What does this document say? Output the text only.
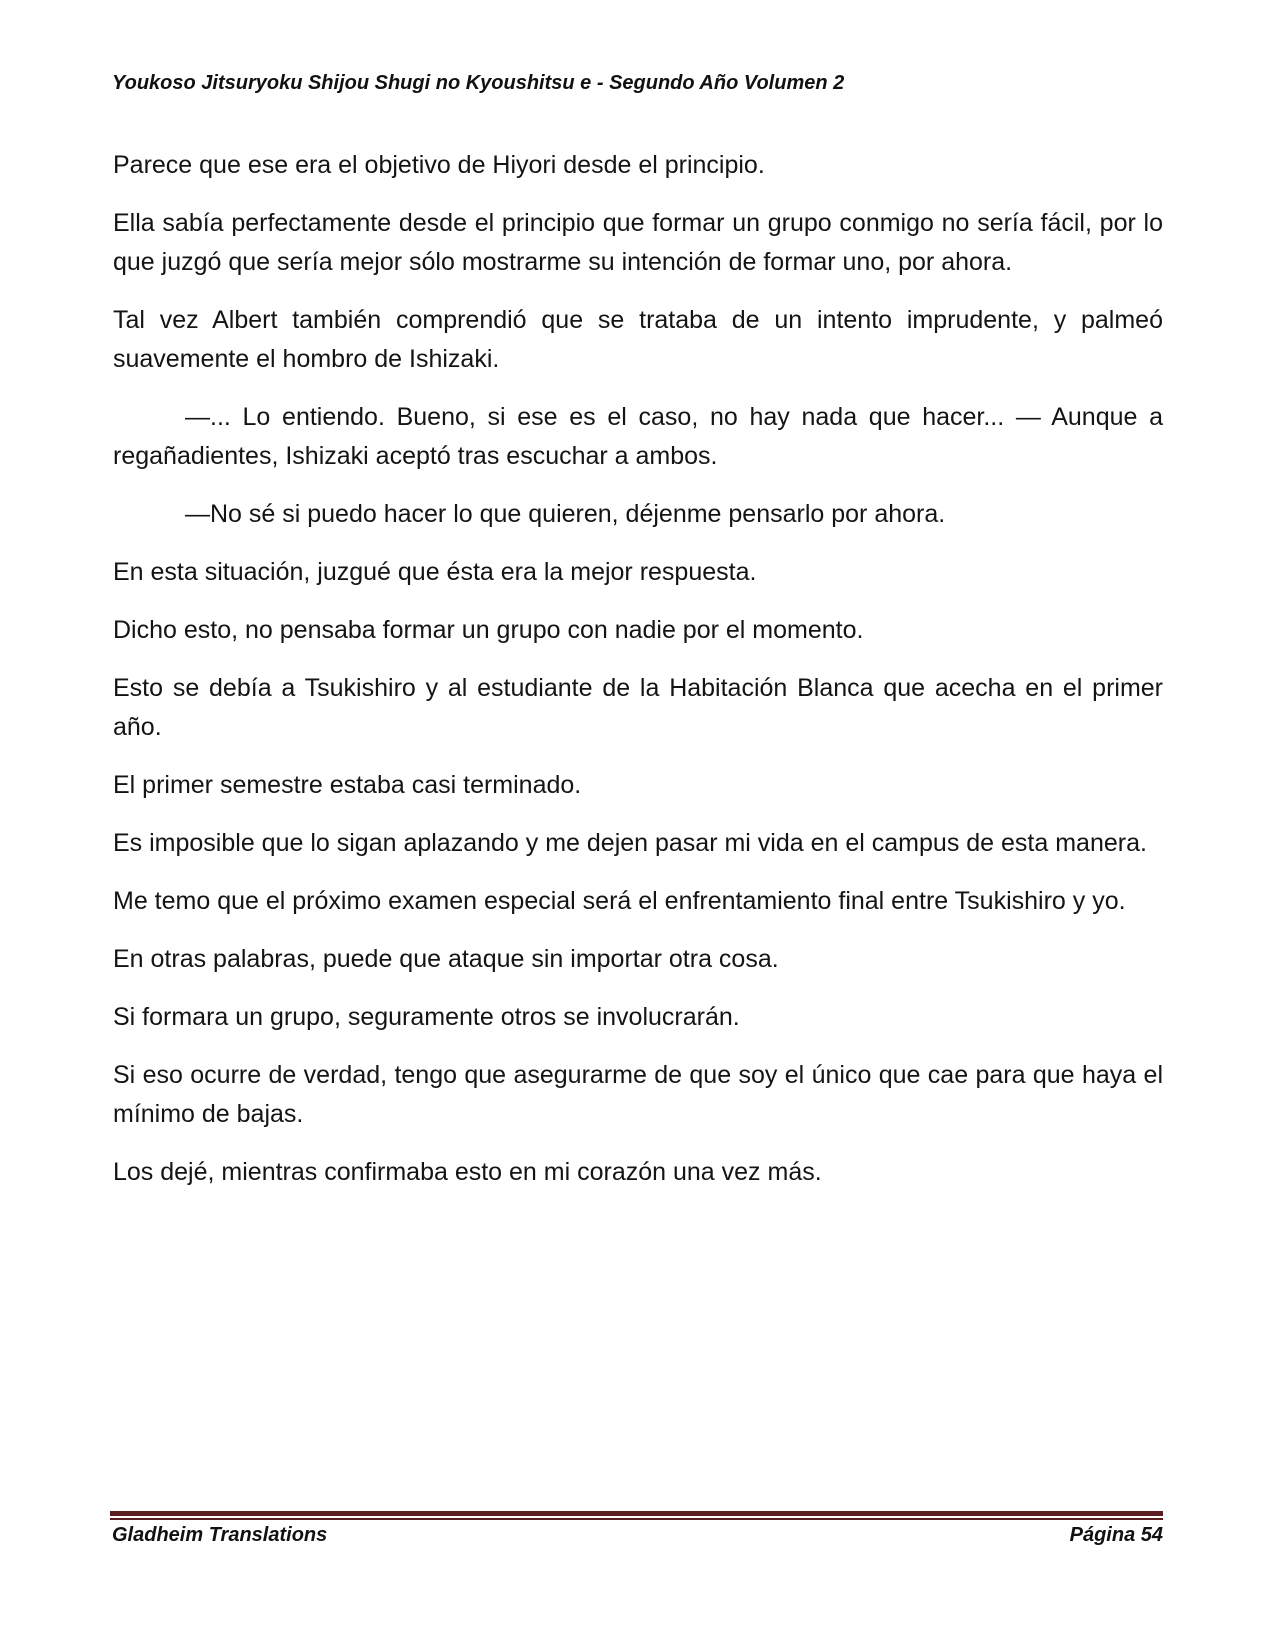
Youkoso Jitsuryoku Shijou Shugi no Kyoushitsu e - Segundo Año Volumen 2

Parece que ese era el objetivo de Hiyori desde el principio.

Ella sabía perfectamente desde el principio que formar un grupo conmigo no sería fácil, por lo que juzgó que sería mejor sólo mostrarme su intención de formar uno, por ahora.

Tal vez Albert también comprendió que se trataba de un intento imprudente, y palmeó suavemente el hombro de Ishizaki.

—... Lo entiendo. Bueno, si ese es el caso, no hay nada que hacer... — Aunque a regañadientes, Ishizaki aceptó tras escuchar a ambos.

—No sé si puedo hacer lo que quieren, déjenme pensarlo por ahora.

En esta situación, juzgué que ésta era la mejor respuesta.

Dicho esto, no pensaba formar un grupo con nadie por el momento.

Esto se debía a Tsukishiro y al estudiante de la Habitación Blanca que acecha en el primer año.

El primer semestre estaba casi terminado.

Es imposible que lo sigan aplazando y me dejen pasar mi vida en el campus de esta manera.

Me temo que el próximo examen especial será el enfrentamiento final entre Tsukishiro y yo.

En otras palabras, puede que ataque sin importar otra cosa.

Si formara un grupo, seguramente otros se involucrarán.

Si eso ocurre de verdad, tengo que asegurarme de que soy el único que cae para que haya el mínimo de bajas.

Los dejé, mientras confirmaba esto en mi corazón una vez más.

Gladheim Translations	Página 54
